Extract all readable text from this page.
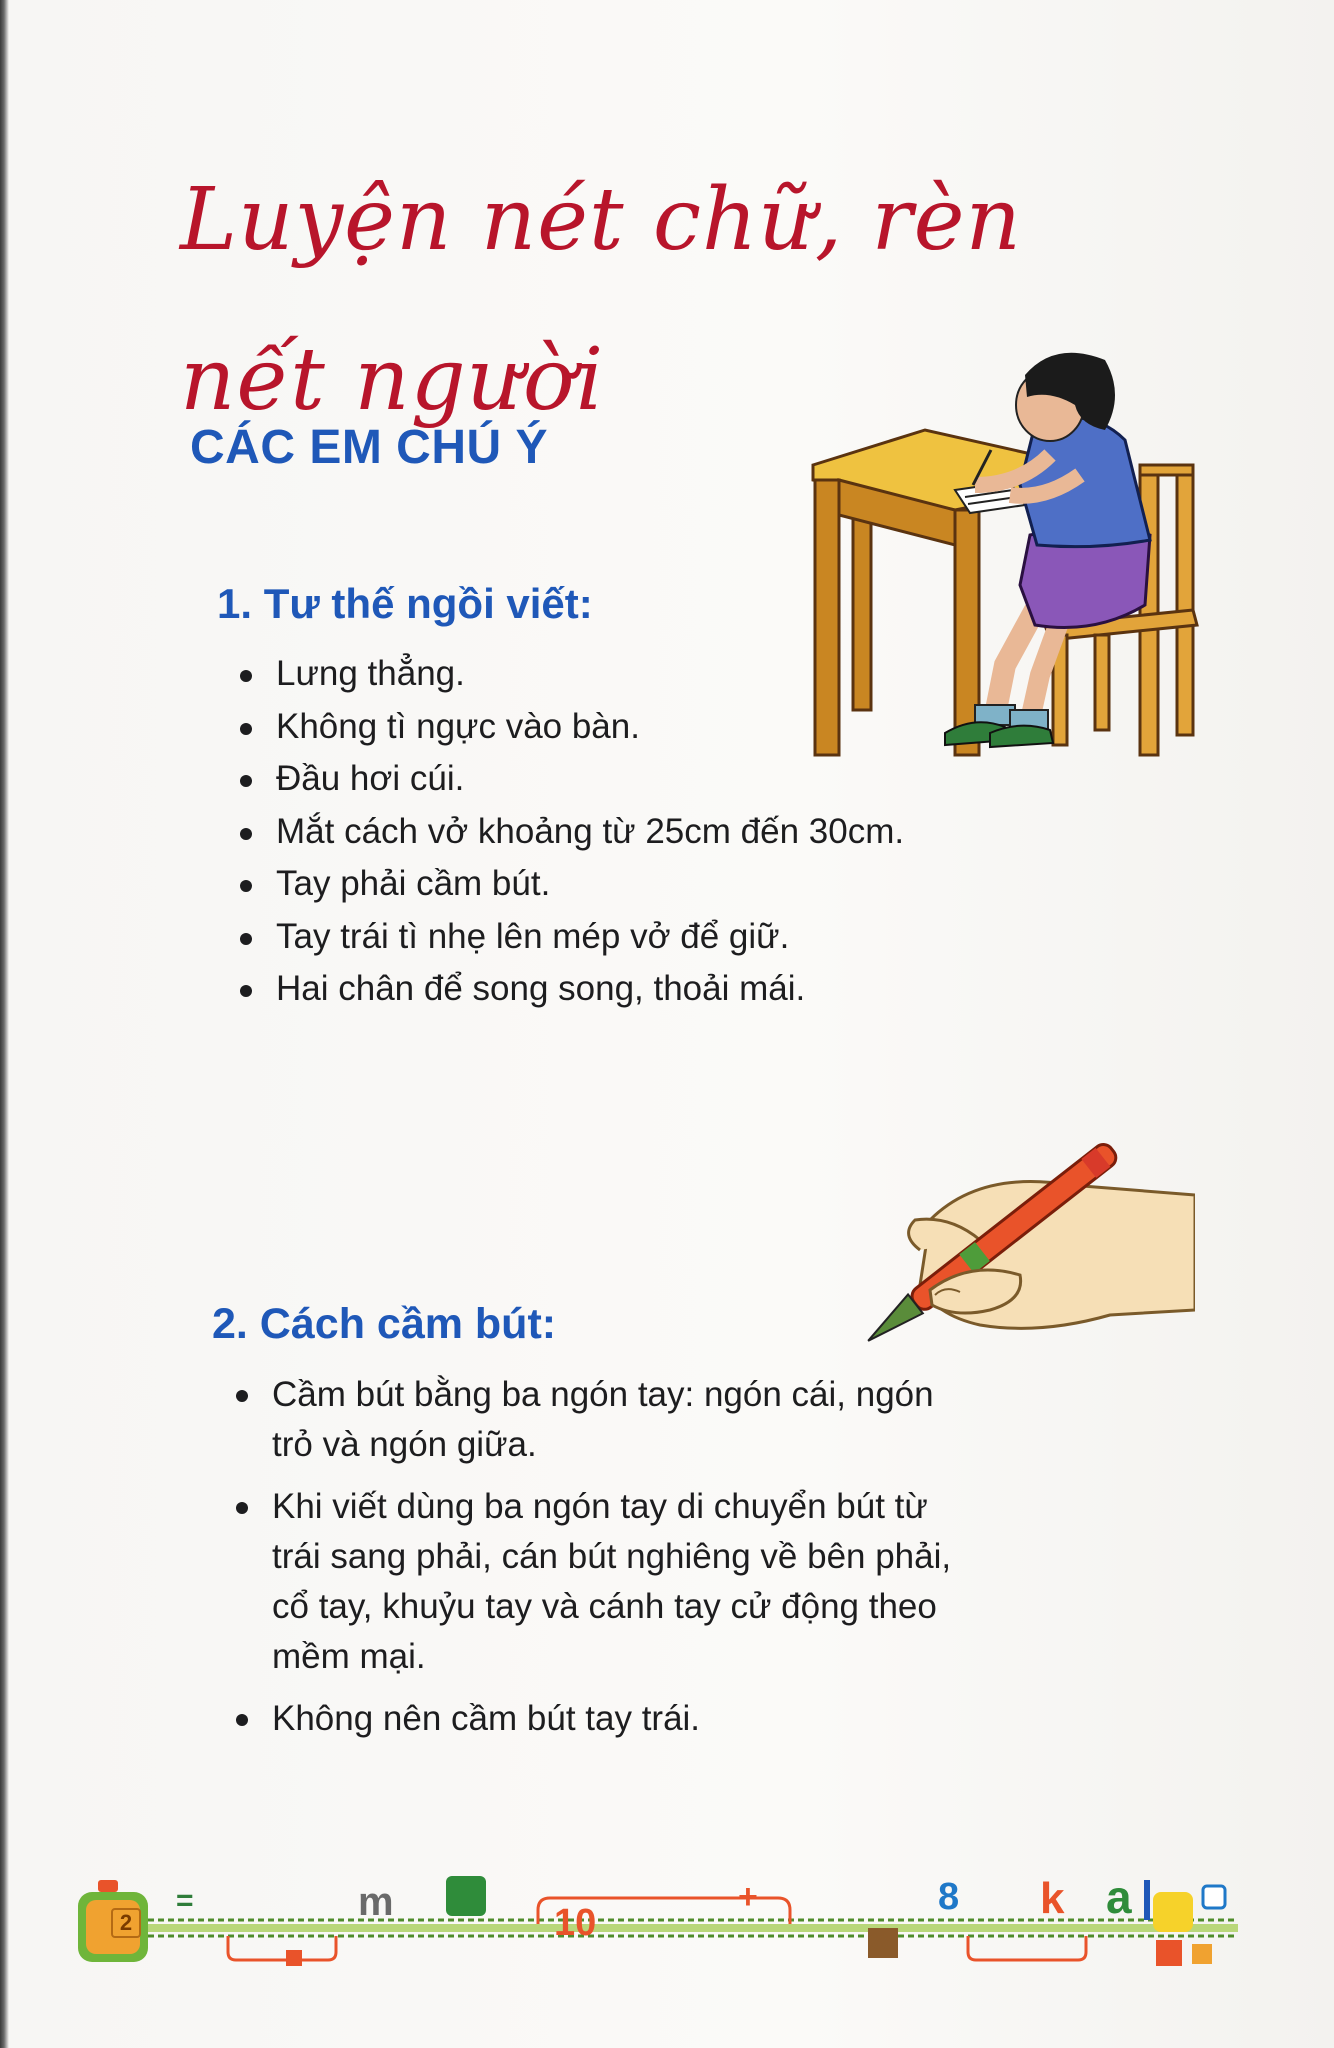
Luyện nét chữ, rèn nết người
CÁC EM CHÚ Ý
1. Tư thế ngồi viết:
Lưng thẳng.
Không tì ngực vào bàn.
Đầu hơi cúi.
Mắt cách vở khoảng từ 25cm đến 30cm.
Tay phải cầm bút.
Tay trái tì nhẹ lên mép vở để giữ.
Hai chân để song song, thoải mái.
2. Cách cầm bút:
Cầm bút bằng ba ngón tay: ngón cái, ngón trỏ và ngón giữa.
Khi viết dùng ba ngón tay di chuyển bút từ trái sang phải, cán bút nghiêng về bên phải, cổ tay, khuỷu tay và cánh tay cử động theo mềm mại.
Không nên cầm bút tay trái.
2
=	m	10
+	8 k a
